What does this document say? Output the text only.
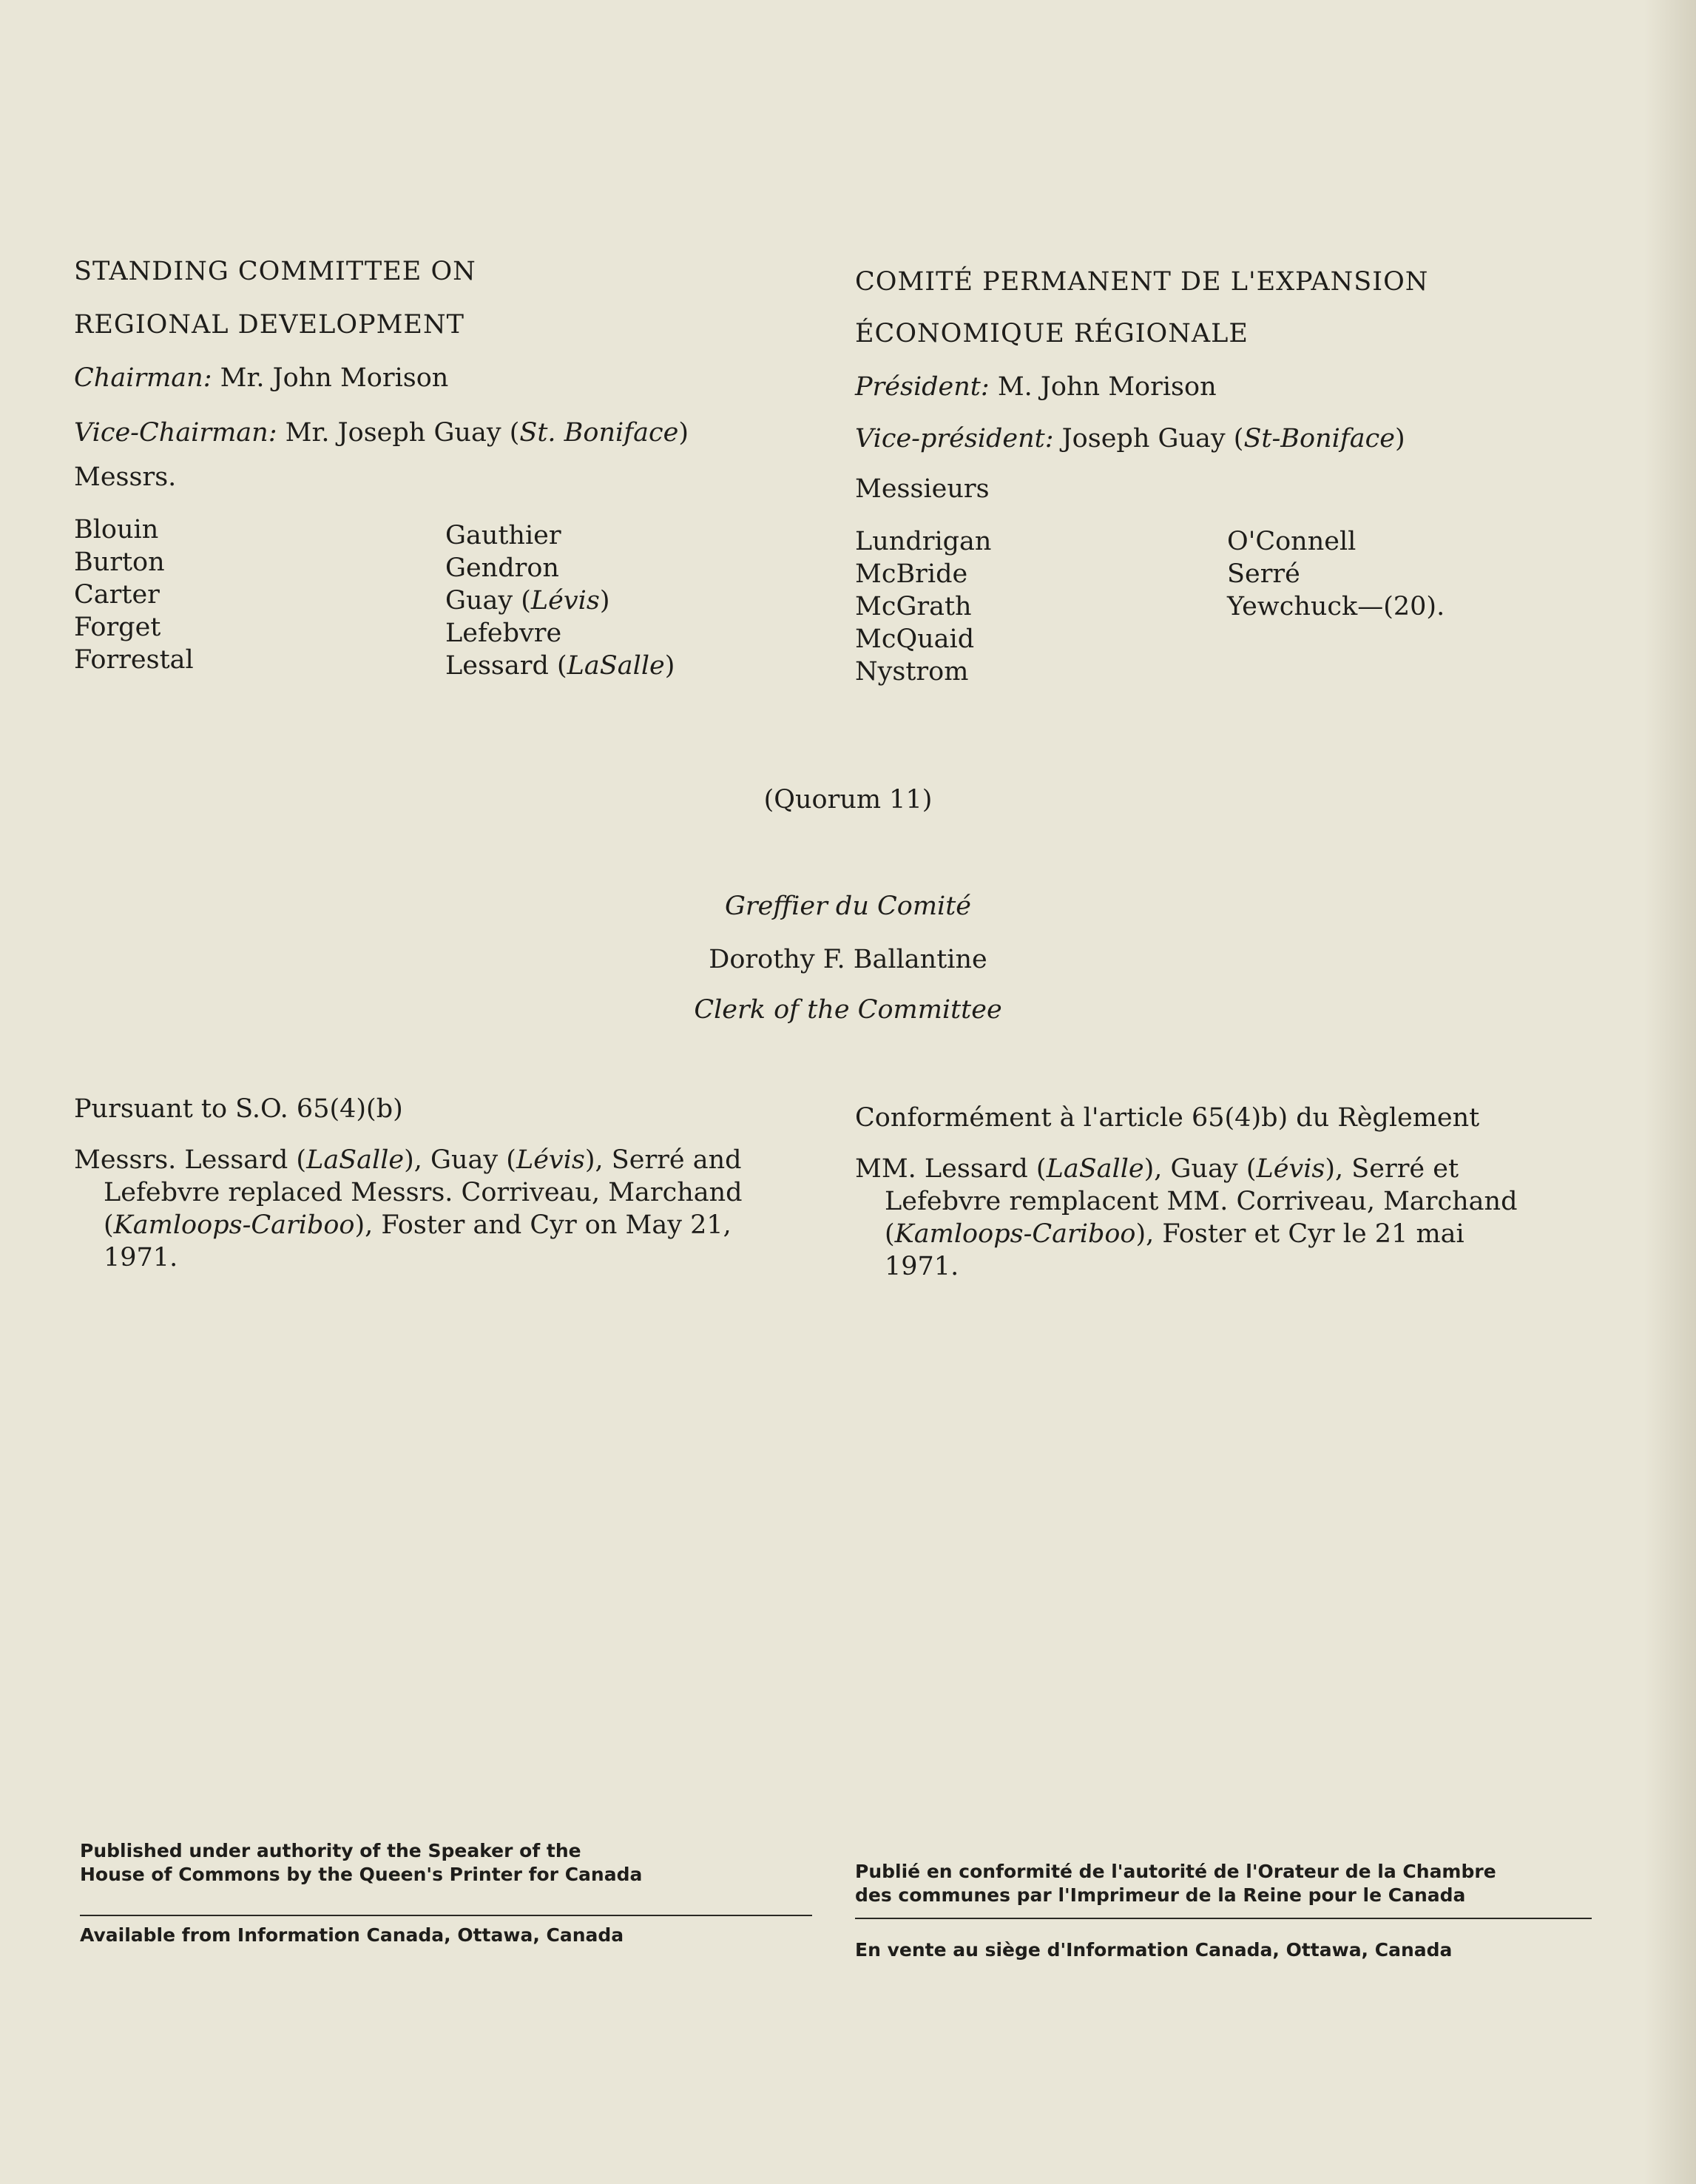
STANDING COMMITTEE ON
REGIONAL DEVELOPMENT
Chairman: Mr. John Morison
Vice-Chairman: Mr. Joseph Guay (St. Boniface)
Messrs.
Blouin
Burton
Carter
Forget
Forrestal
Gauthier
Gendron
Guay (Lévis)
Lefebvre
Lessard (LaSalle)
COMITÉ PERMANENT DE L'EXPANSION
ÉCONOMIQUE RÉGIONALE
Président: M. John Morison
Vice-président: Joseph Guay (St-Boniface)
Messieurs
Lundrigan
McBride
McGrath
McQuaid
Nystrom
O'Connell
Serré
Yewchuck—(20).
(Quorum 11)
Greffier du Comité
Dorothy F. Ballantine
Clerk of the Committee
Pursuant to S.O. 65(4)(b)	Conformément à l'article 65(4)b) du Règlement
Messrs. Lessard (LaSalle), Guay (Lévis), Serré and
Lefebvre replaced Messrs. Corriveau, Marchand
(Kamloops-Cariboo), Foster and Cyr on May 21,
1971.
MM. Lessard (LaSalle), Guay (Lévis), Serré et
Lefebvre remplacent MM. Corriveau, Marchand
(Kamloops-Cariboo), Foster et Cyr le 21 mai
1971.
Published under authority of the Speaker of the
House of Commons by the Queen's Printer for Canada
Available from Information Canada, Ottawa, Canada
Publié en conformité de l'autorité de l'Orateur de la Chambre
des communes par l'Imprimeur de la Reine pour le Canada
En vente au siège d'Information Canada, Ottawa, Canada
